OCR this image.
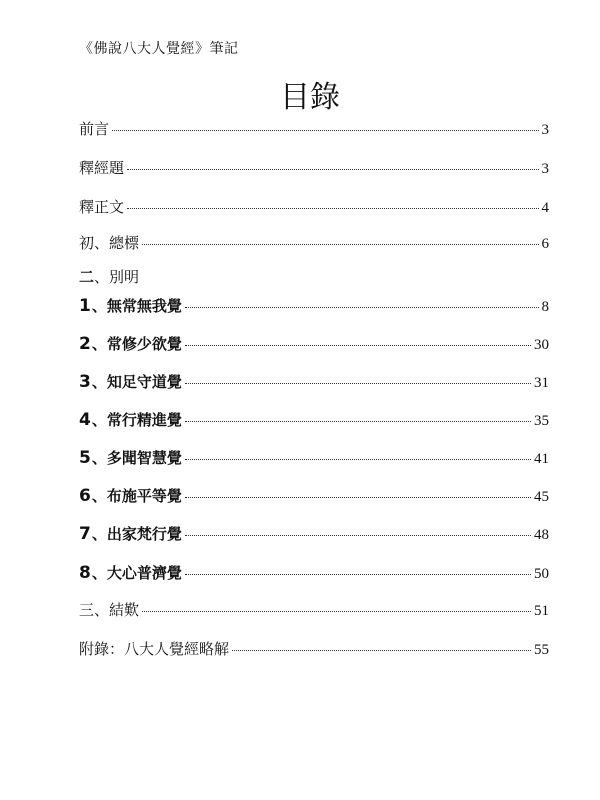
《佛說八大人覺經》筆記
目錄
前言	3
釋經題	3
釋正文	4
初、總標	6
二、別明
1 、無常無我覺	8
2 、常修少欲覺	30
3 、知足守道覺	31
4 、常行精進覺	35
5 、多聞智慧覺	41
6 、布施平等覺	45
7 、出家梵行覺	48
8 、大心普濟覺	50
三、結歎	51
附錄：八大人覺經略解	55
